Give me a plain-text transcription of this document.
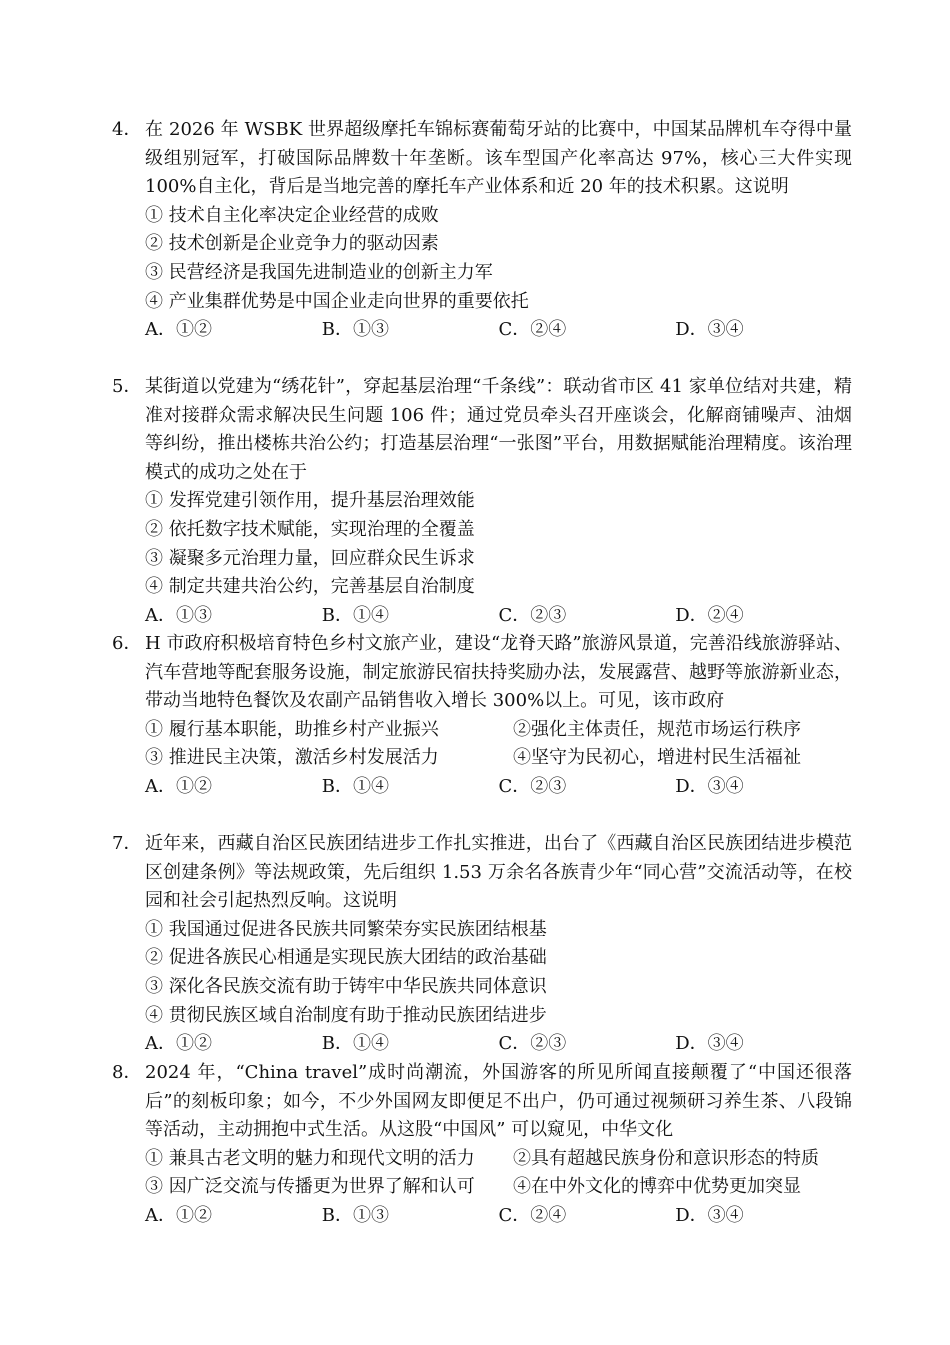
4． 在 2026 年 WSBK 世界超级摩托车锦标赛葡萄牙站的比赛中，中国某品牌机车夺得中量级组别冠军，打破国际品牌数十年垄断。该车型国产化率高达 97%，核心三大件实现 100%自主化，背后是当地完善的摩托车产业体系和近 20 年的技术积累。这说明
① 技术自主化率决定企业经营的成败
② 技术创新是企业竞争力的驱动因素
③ 民营经济是我国先进制造业的创新主力军
④ 产业集群优势是中国企业走向世界的重要依托
A．①②	B．①③	C．②④	D．③④
5． 某街道以党建为“绣花针”，穿起基层治理“千条线”：联动省市区 41 家单位结对共建，精准对接群众需求解决民生问题 106 件；通过党员牵头召开座谈会，化解商铺噪声、油烟等纠纷，推出楼栋共治公约；打造基层治理“一张图”平台，用数据赋能治理精度。该治理模式的成功之处在于
① 发挥党建引领作用，提升基层治理效能
② 依托数字技术赋能，实现治理的全覆盖
③ 凝聚多元治理力量，回应群众民生诉求
④ 制定共建共治公约，完善基层自治制度
A．①③	B．①④	C．②③	D．②④
6． H 市政府积极培育特色乡村文旅产业，建设“龙脊天路”旅游风景道，完善沿线旅游驿站、汽车营地等配套服务设施，制定旅游民宿扶持奖励办法，发展露营、越野等旅游新业态，带动当地特色餐饮及农副产品销售收入增长 300%以上。可见，该市政府
① 履行基本职能，助推乡村产业振兴	②强化主体责任，规范市场运行秩序
③ 推进民主决策，激活乡村发展活力	④坚守为民初心，增进村民生活福祉
A．①②	B．①④	C．②③	D．③④
7． 近年来，西藏自治区民族团结进步工作扎实推进，出台了《西藏自治区民族团结进步模范区创建条例》等法规政策，先后组织 1.53 万余名各族青少年“同心营”交流活动等，在校园和社会引起热烈反响。这说明
① 我国通过促进各民族共同繁荣夯实民族团结根基
② 促进各族民心相通是实现民族大团结的政治基础
③ 深化各民族交流有助于铸牢中华民族共同体意识
④ 贯彻民族区域自治制度有助于推动民族团结进步
A．①②	B．①④	C．②③	D．③④
8． 2024 年，“China travel”成时尚潮流，外国游客的所见所闻直接颠覆了“中国还很落后”的刻板印象；如今，不少外国网友即便足不出户，仍可通过视频研习养生茶、八段锦等活动，主动拥抱中式生活。从这股“中国风” 可以窥见，中华文化
① 兼具古老文明的魅力和现代文明的活力	②具有超越民族身份和意识形态的特质
③ 因广泛交流与传播更为世界了解和认可	④在中外文化的博弈中优势更加突显
A．①②	B．①③	C．②④	D．③④
